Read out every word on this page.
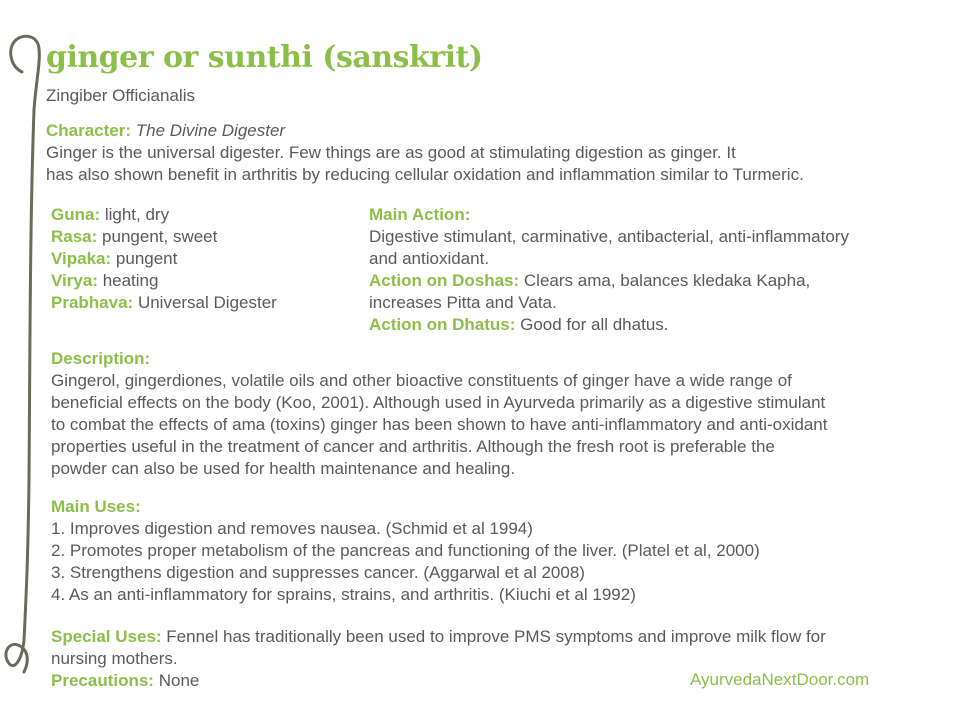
ginger or sunthi (sanskrit)
Zingiber Officianalis
Character: The Divine Digester
Ginger is the universal digester. Few things are as good at stimulating digestion as ginger. It
has also shown benefit in arthritis by reducing cellular oxidation and inflammation similar to Turmeric.
Guna: light, dry
Rasa: pungent, sweet
Vipaka: pungent
Virya: heating
Prabhava: Universal Digester
Main Action:
Digestive stimulant, carminative, antibacterial, anti-inflammatory
and antioxidant.
Action on Doshas: Clears ama, balances kledaka Kapha,
increases Pitta and Vata.
Action on Dhatus: Good for all dhatus.
Description:
Gingerol, gingerdiones, volatile oils and other bioactive constituents of ginger have a wide range of
beneficial effects on the body (Koo, 2001). Although used in Ayurveda primarily as a digestive stimulant
to combat the effects of ama (toxins) ginger has been shown to have anti-inflammatory and anti-oxidant
properties useful in the treatment of cancer and arthritis. Although the fresh root is preferable the
powder can also be used for health maintenance and healing.
Main Uses:
1. Improves digestion and removes nausea. (Schmid et al 1994)
2. Promotes proper metabolism of the pancreas and functioning of the liver. (Platel et al, 2000)
3. Strengthens digestion and suppresses cancer. (Aggarwal et al 2008)
4. As an anti-inflammatory for sprains, strains, and arthritis. (Kiuchi et al 1992)
Special Uses: Fennel has traditionally been used to improve PMS symptoms and improve milk flow for
nursing mothers.
Precautions: None	AyurvedaNextDoor.com
